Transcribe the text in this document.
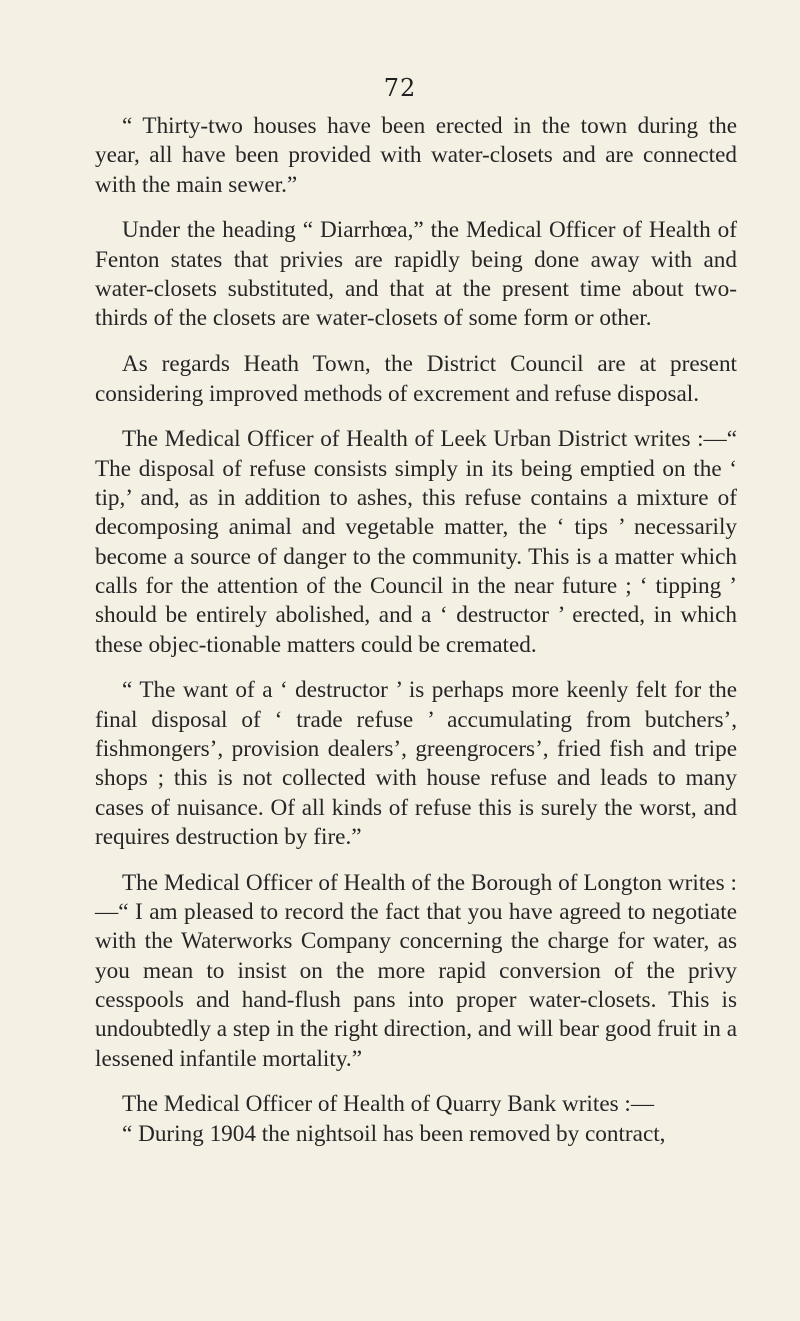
72

“ Thirty-two houses have been erected in the town during the year, all have been provided with water-closets and are connected with the main sewer.”

Under the heading “ Diarrhœa,” the Medical Officer of Health of Fenton states that privies are rapidly being done away with and water-closets substituted, and that at the present time about two-thirds of the closets are water-closets of some form or other.

As regards Heath Town, the District Council are at present considering improved methods of excrement and refuse disposal.

The Medical Officer of Health of Leek Urban District writes :—“ The disposal of refuse consists simply in its being emptied on the ‘ tip,’ and, as in addition to ashes, this refuse contains a mixture of decomposing animal and vegetable matter, the ‘ tips ’ necessarily become a source of danger to the community. This is a matter which calls for the attention of the Council in the near future ; ‘ tipping ’ should be entirely abolished, and a ‘ destructor ’ erected, in which these objec-tionable matters could be cremated.

“ The want of a ‘ destructor ’ is perhaps more keenly felt for the final disposal of ‘ trade refuse ’ accumulating from butchers’, fishmongers’, provision dealers’, greengrocers’, fried fish and tripe shops ; this is not collected with house refuse and leads to many cases of nuisance. Of all kinds of refuse this is surely the worst, and requires destruction by fire.”

The Medical Officer of Health of the Borough of Longton writes :—“ I am pleased to record the fact that you have agreed to negotiate with the Waterworks Company concerning the charge for water, as you mean to insist on the more rapid conversion of the privy cesspools and hand-flush pans into proper water-closets. This is undoubtedly a step in the right direction, and will bear good fruit in a lessened infantile mortality.”

The Medical Officer of Health of Quarry Bank writes :—

“ During 1904 the nightsoil has been removed by contract,
